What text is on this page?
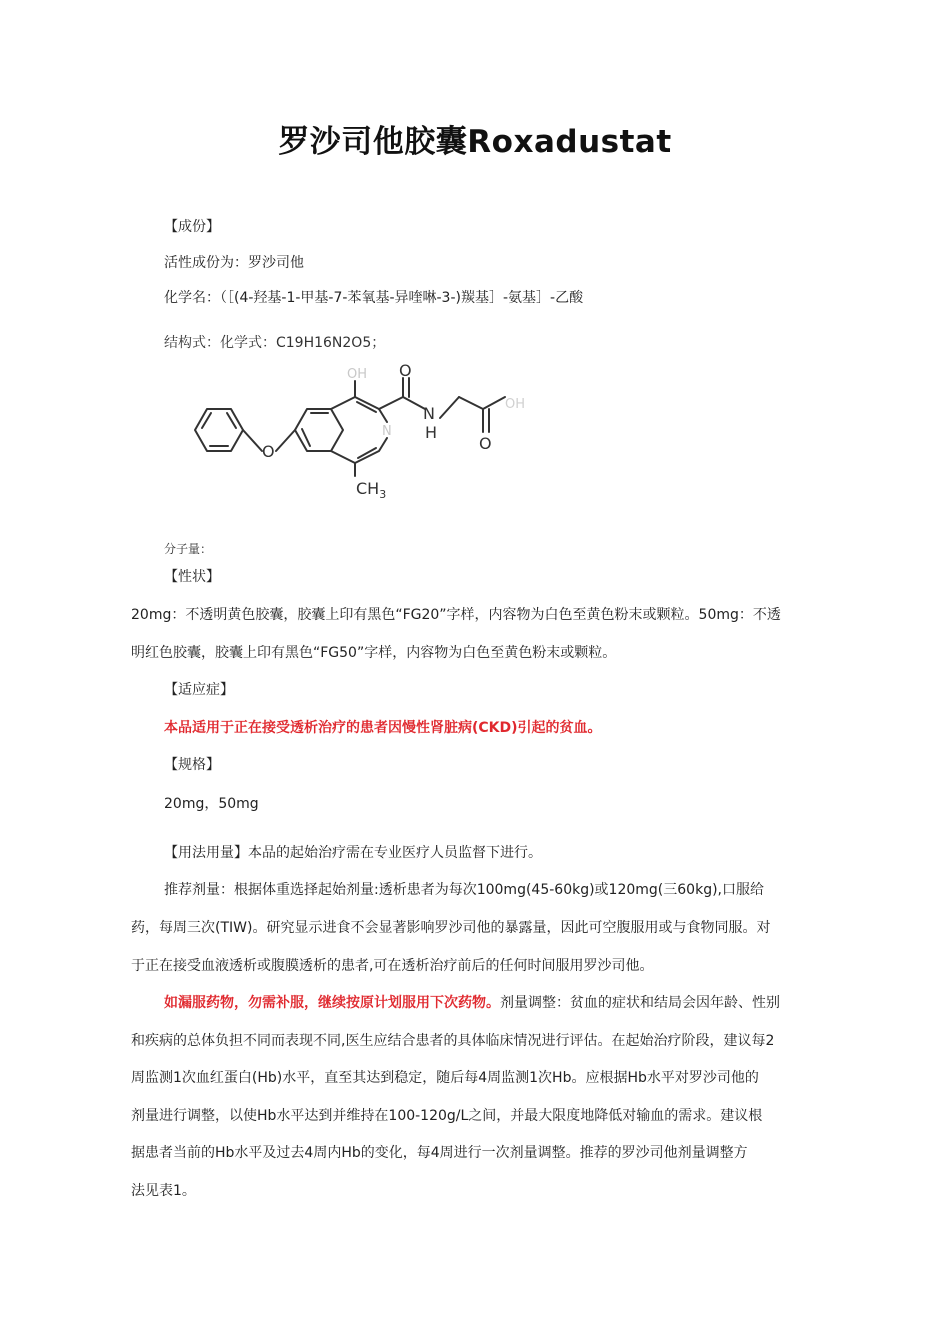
罗沙司他胶囊Roxadustat
【成份】
活性成份为：罗沙司他
化学名：（［(4-羟基-1-甲基-7-苯氧基-异喹啉-3-)羰基］-氨基］-乙酸
结构式：化学式：C19H16N2O5；
O
OH
N
$CH_3$
O
N
H
O
OH
分子量：
【性状】
20mg：不透明黄色胶囊，胶囊上印有黑色“FG20”字样，内容物为白色至黄色粉末或颗粒。50mg：不透
明红色胶囊，胶囊上印有黑色“FG50”字样，内容物为白色至黄色粉末或颗粒。
【适应症】
本品适用于正在接受透析治疗的患者因慢性肾脏病(CKD)引起的贫血。
【规格】
20mg，50mg
【用法用量】本品的起始治疗需在专业医疗人员监督下进行。
推荐剂量：根据体重选择起始剂量:透析患者为每次100mg(45-60kg)或120mg(三60kg),口服给
药，每周三次(TIW)。研究显示进食不会显著影响罗沙司他的暴露量，因此可空腹服用或与食物同服。对
于正在接受血液透析或腹膜透析的患者,可在透析治疗前后的任何时间服用罗沙司他。
如漏服药物，勿需补服，继续按原计划服用下次药物。剂量调整：贫血的症状和结局会因年龄、性别
和疾病的总体负担不同而表现不同,医生应结合患者的具体临床情况进行评估。在起始治疗阶段，建议每2
周监测1次血红蛋白(Hb)水平，直至其达到稳定，随后每4周监测1次Hb。应根据Hb水平对罗沙司他的
剂量进行调整，以使Hb水平达到并维持在100-120g/L之间，并最大限度地降低对输血的需求。建议根
据患者当前的Hb水平及过去4周内Hb的变化，每4周进行一次剂量调整。推荐的罗沙司他剂量调整方
法见表1。
